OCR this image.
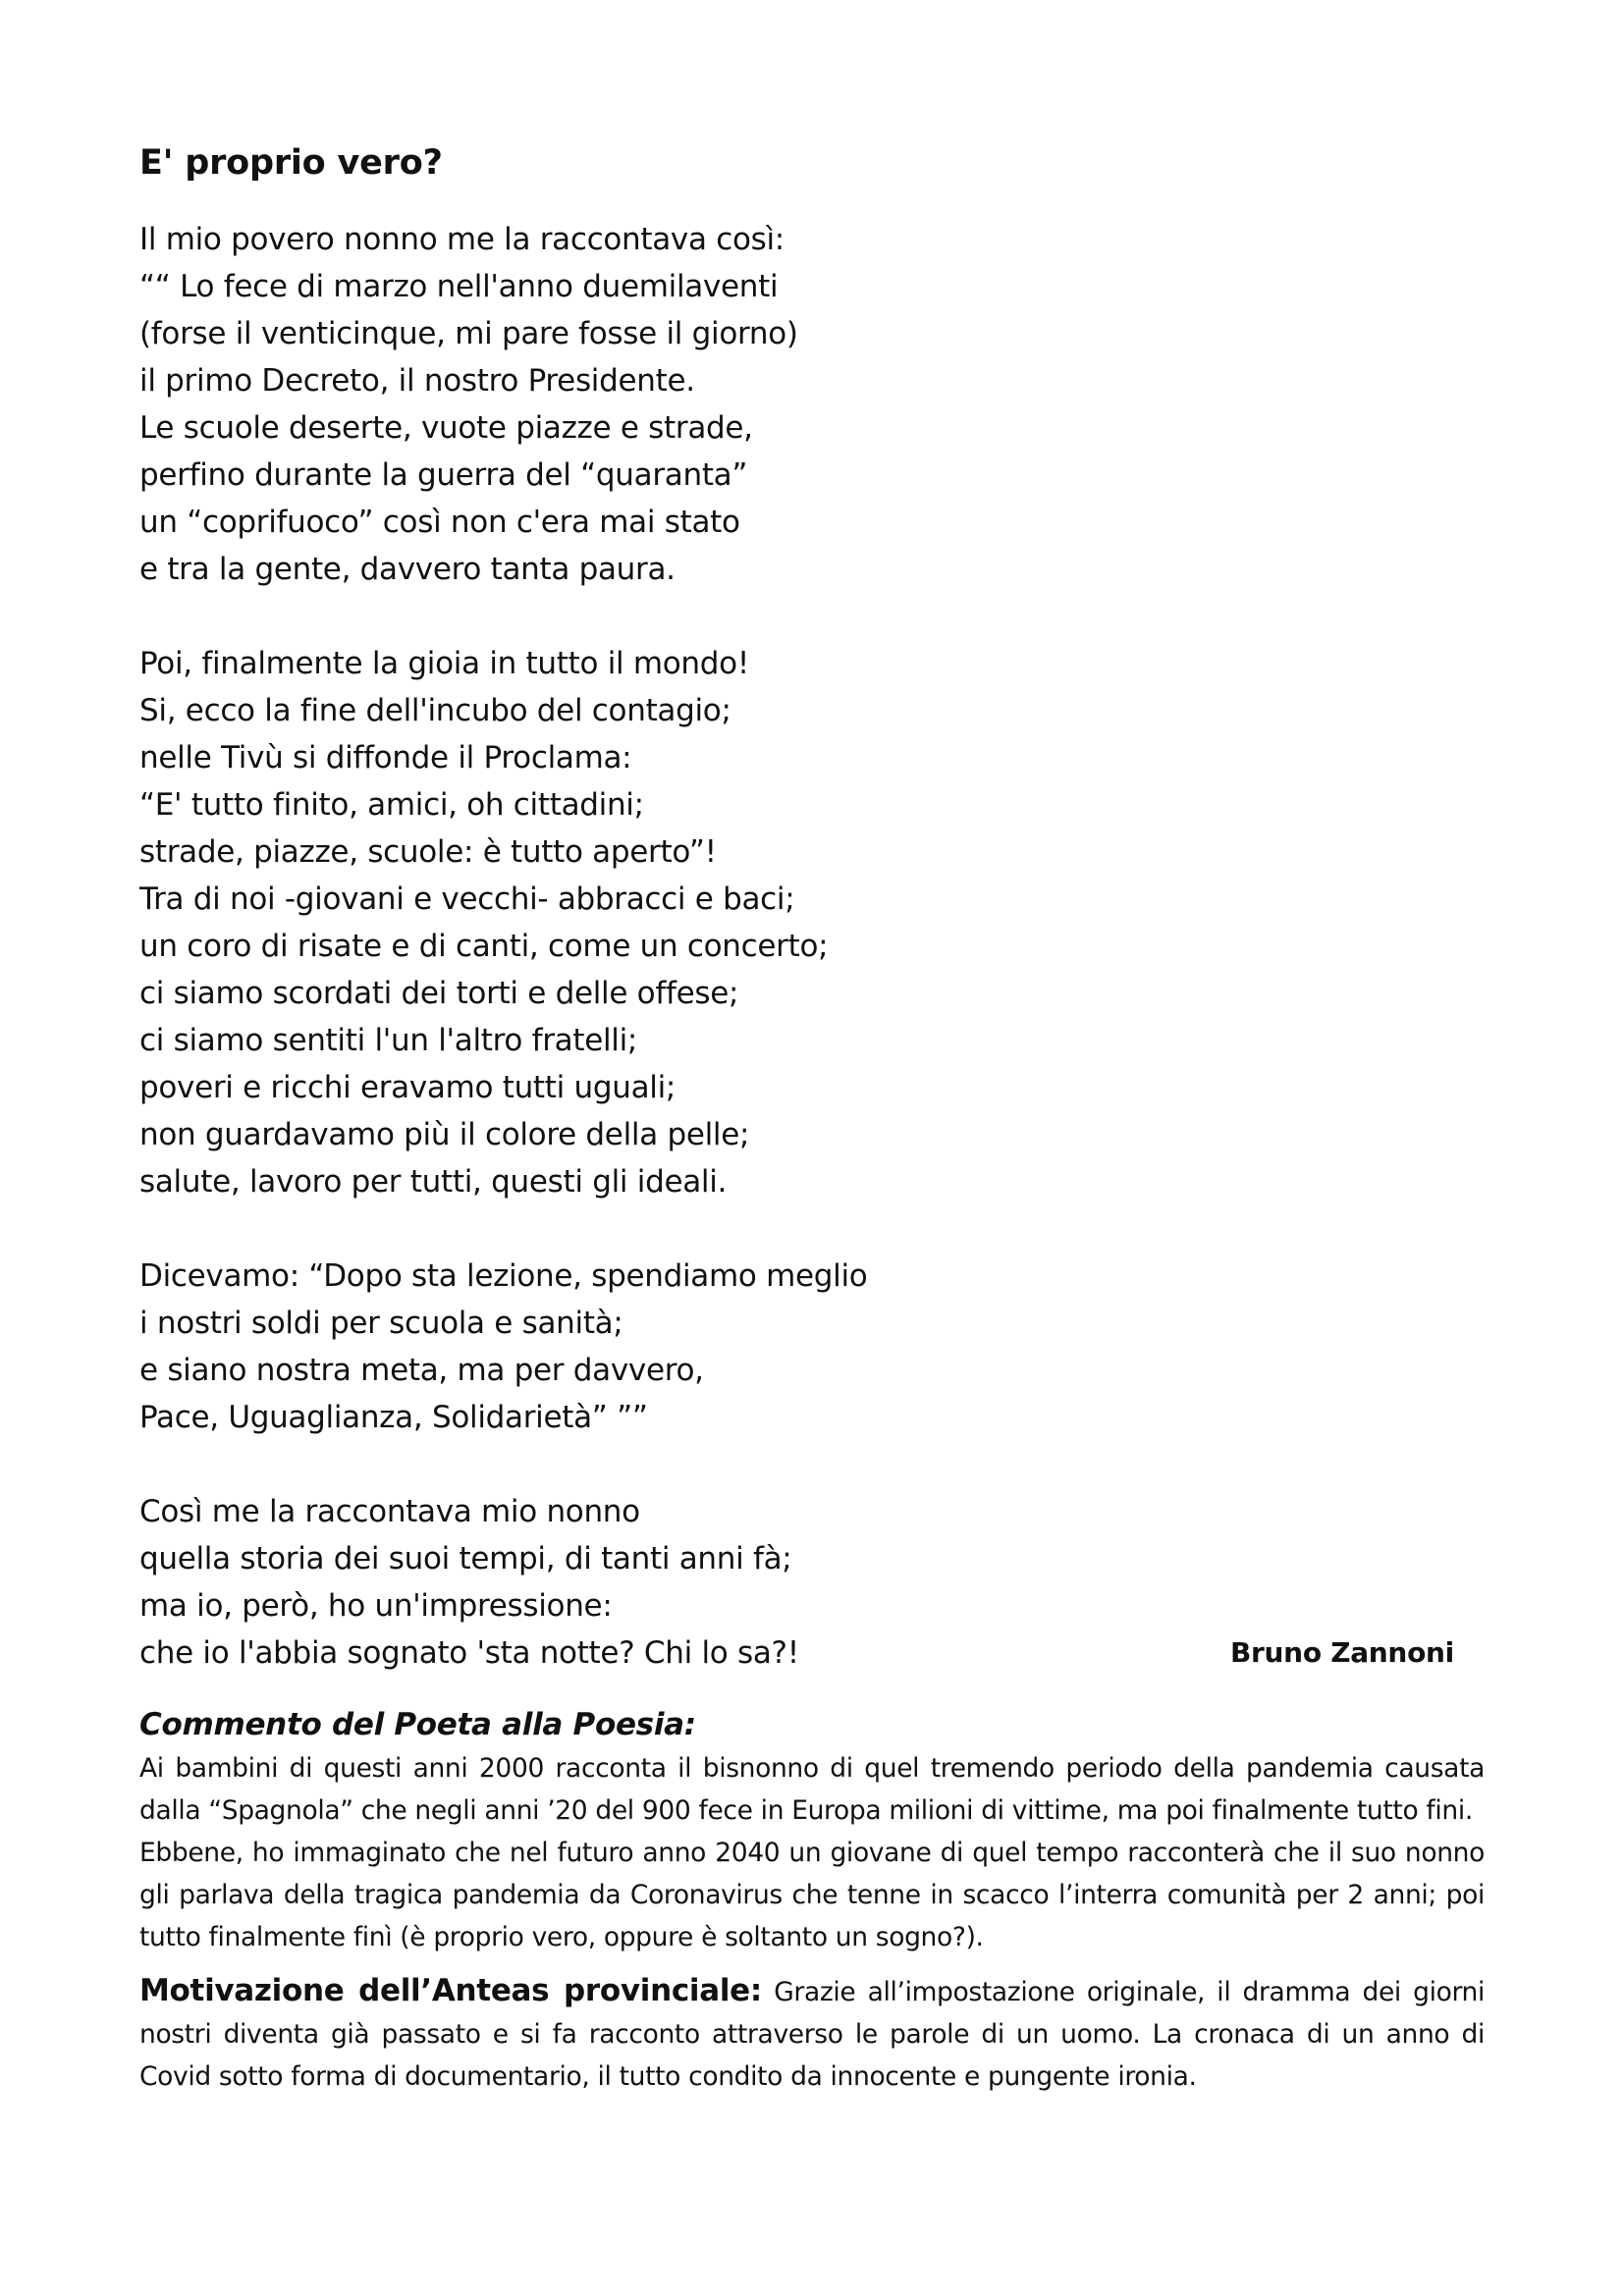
E' proprio vero?
Il mio povero nonno me la raccontava così:
““ Lo fece di marzo nell'anno duemilaventi
(forse il venticinque, mi pare fosse il giorno)
il primo Decreto, il nostro Presidente.
Le scuole deserte, vuote piazze e strade,
perfino durante la guerra del “quaranta”
un “coprifuoco” così non c'era mai stato
e tra la gente, davvero tanta paura.
Poi, finalmente la gioia in tutto il mondo!
Si, ecco la fine dell'incubo del contagio;
nelle Tivù si diffonde il Proclama:
“E' tutto finito, amici, oh cittadini;
strade, piazze, scuole: è tutto aperto”!
Tra di noi -giovani e vecchi- abbracci e baci;
un coro di risate e di canti, come un concerto;
ci siamo scordati dei torti e delle offese;
ci siamo sentiti l'un l'altro fratelli;
poveri e ricchi eravamo tutti uguali;
non guardavamo più il colore della pelle;
salute, lavoro per tutti, questi gli ideali.
Dicevamo: “Dopo sta lezione, spendiamo meglio
i nostri soldi per scuola e sanità;
e siano nostra meta, ma per davvero,
Pace, Uguaglianza, Solidarietà” ””
Così me la raccontava mio nonno
quella storia dei suoi tempi, di tanti anni fà;
ma io, però, ho un'impressione:
che io l'abbia sognato 'sta notte? Chi lo sa?!	Bruno Zannoni
Commento del Poeta alla Poesia:

Ai bambini di questi anni 2000 racconta il bisnonno di quel tremendo periodo della pandemia causata dalla “Spagnola” che negli anni ’20 del 900 fece in Europa milioni di vittime, ma poi finalmente tutto fini.

Ebbene, ho immaginato che nel futuro anno 2040 un giovane di quel tempo racconterà che il suo nonno gli parlava della tragica pandemia da Coronavirus che tenne in scacco l’interra comunità per 2 anni; poi tutto finalmente finì (è proprio vero, oppure è soltanto un sogno?).

Motivazione dell’Anteas provinciale: Grazie all’impostazione originale, il dramma dei giorni nostri diventa già passato e si fa racconto attraverso le parole di un uomo. La cronaca di un anno di Covid sotto forma di documentario, il tutto condito da innocente e pungente ironia.
